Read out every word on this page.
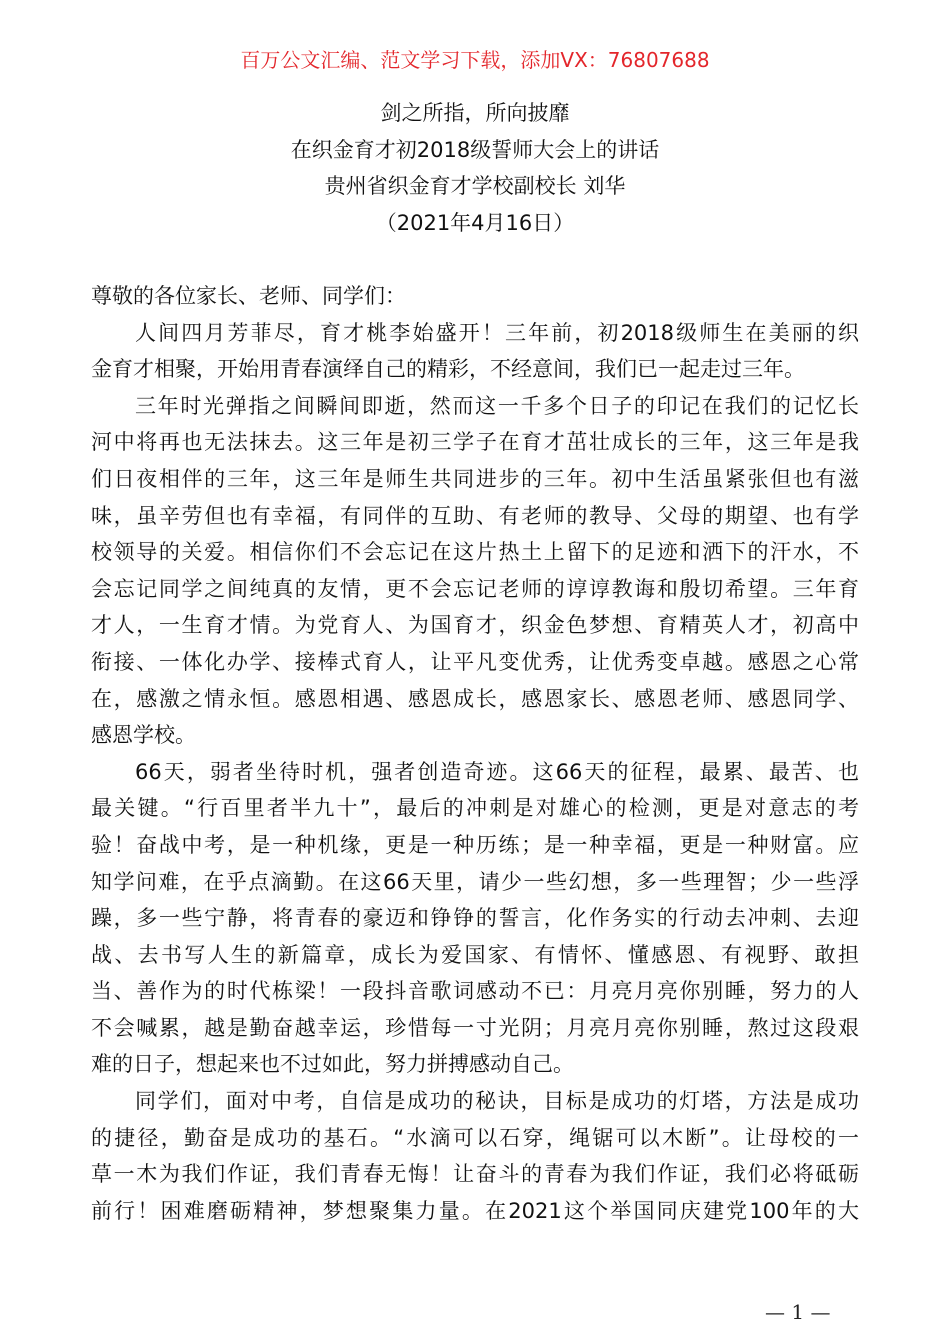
百万公文汇编、范文学习下载，添加VX：76807688
剑之所指，所向披靡
在织金育才初2018级誓师大会上的讲话
贵州省织金育才学校副校长 刘华
（2021年4月16日）
尊敬的各位家长、老师、同学们：
人间四月芳菲尽，育才桃李始盛开！三年前，初2018级师生在美丽的织
金育才相聚，开始用青春演绎自己的精彩，不经意间，我们已一起走过三年。
三年时光弹指之间瞬间即逝，然而这一千多个日子的印记在我们的记忆长
河中将再也无法抹去。这三年是初三学子在育才茁壮成长的三年，这三年是我
们日夜相伴的三年，这三年是师生共同进步的三年。初中生活虽紧张但也有滋
味，虽辛劳但也有幸福，有同伴的互助、有老师的教导、父母的期望、也有学
校领导的关爱。相信你们不会忘记在这片热土上留下的足迹和洒下的汗水，不
会忘记同学之间纯真的友情，更不会忘记老师的谆谆教诲和殷切希望。三年育
才人，一生育才情。为党育人、为国育才，织金色梦想、育精英人才，初高中
衔接、一体化办学、接棒式育人，让平凡变优秀，让优秀变卓越。感恩之心常
在，感激之情永恒。感恩相遇、感恩成长，感恩家长、感恩老师、感恩同学、
感恩学校。
66天，弱者坐待时机，强者创造奇迹。这66天的征程，最累、最苦、也
最关键。“行百里者半九十”，最后的冲刺是对雄心的检测，更是对意志的考
验！奋战中考，是一种机缘，更是一种历练；是一种幸福，更是一种财富。应
知学问难，在乎点滴勤。在这66天里，请少一些幻想，多一些理智；少一些浮
躁，多一些宁静，将青春的豪迈和铮铮的誓言，化作务实的行动去冲刺、去迎
战、去书写人生的新篇章，成长为爱国家、有情怀、懂感恩、有视野、敢担
当、善作为的时代栋梁！一段抖音歌词感动不已：月亮月亮你别睡，努力的人
不会喊累，越是勤奋越幸运，珍惜每一寸光阴；月亮月亮你别睡，熬过这段艰
难的日子，想起来也不过如此，努力拼搏感动自己。
同学们，面对中考，自信是成功的秘诀，目标是成功的灯塔，方法是成功
的捷径，勤奋是成功的基石。“水滴可以石穿，绳锯可以木断”。让母校的一
草一木为我们作证，我们青春无悔！让奋斗的青春为我们作证，我们必将砥砺
前行！困难磨砺精神，梦想聚集力量。在2021这个举国同庆建党100年的大
— 1 —
